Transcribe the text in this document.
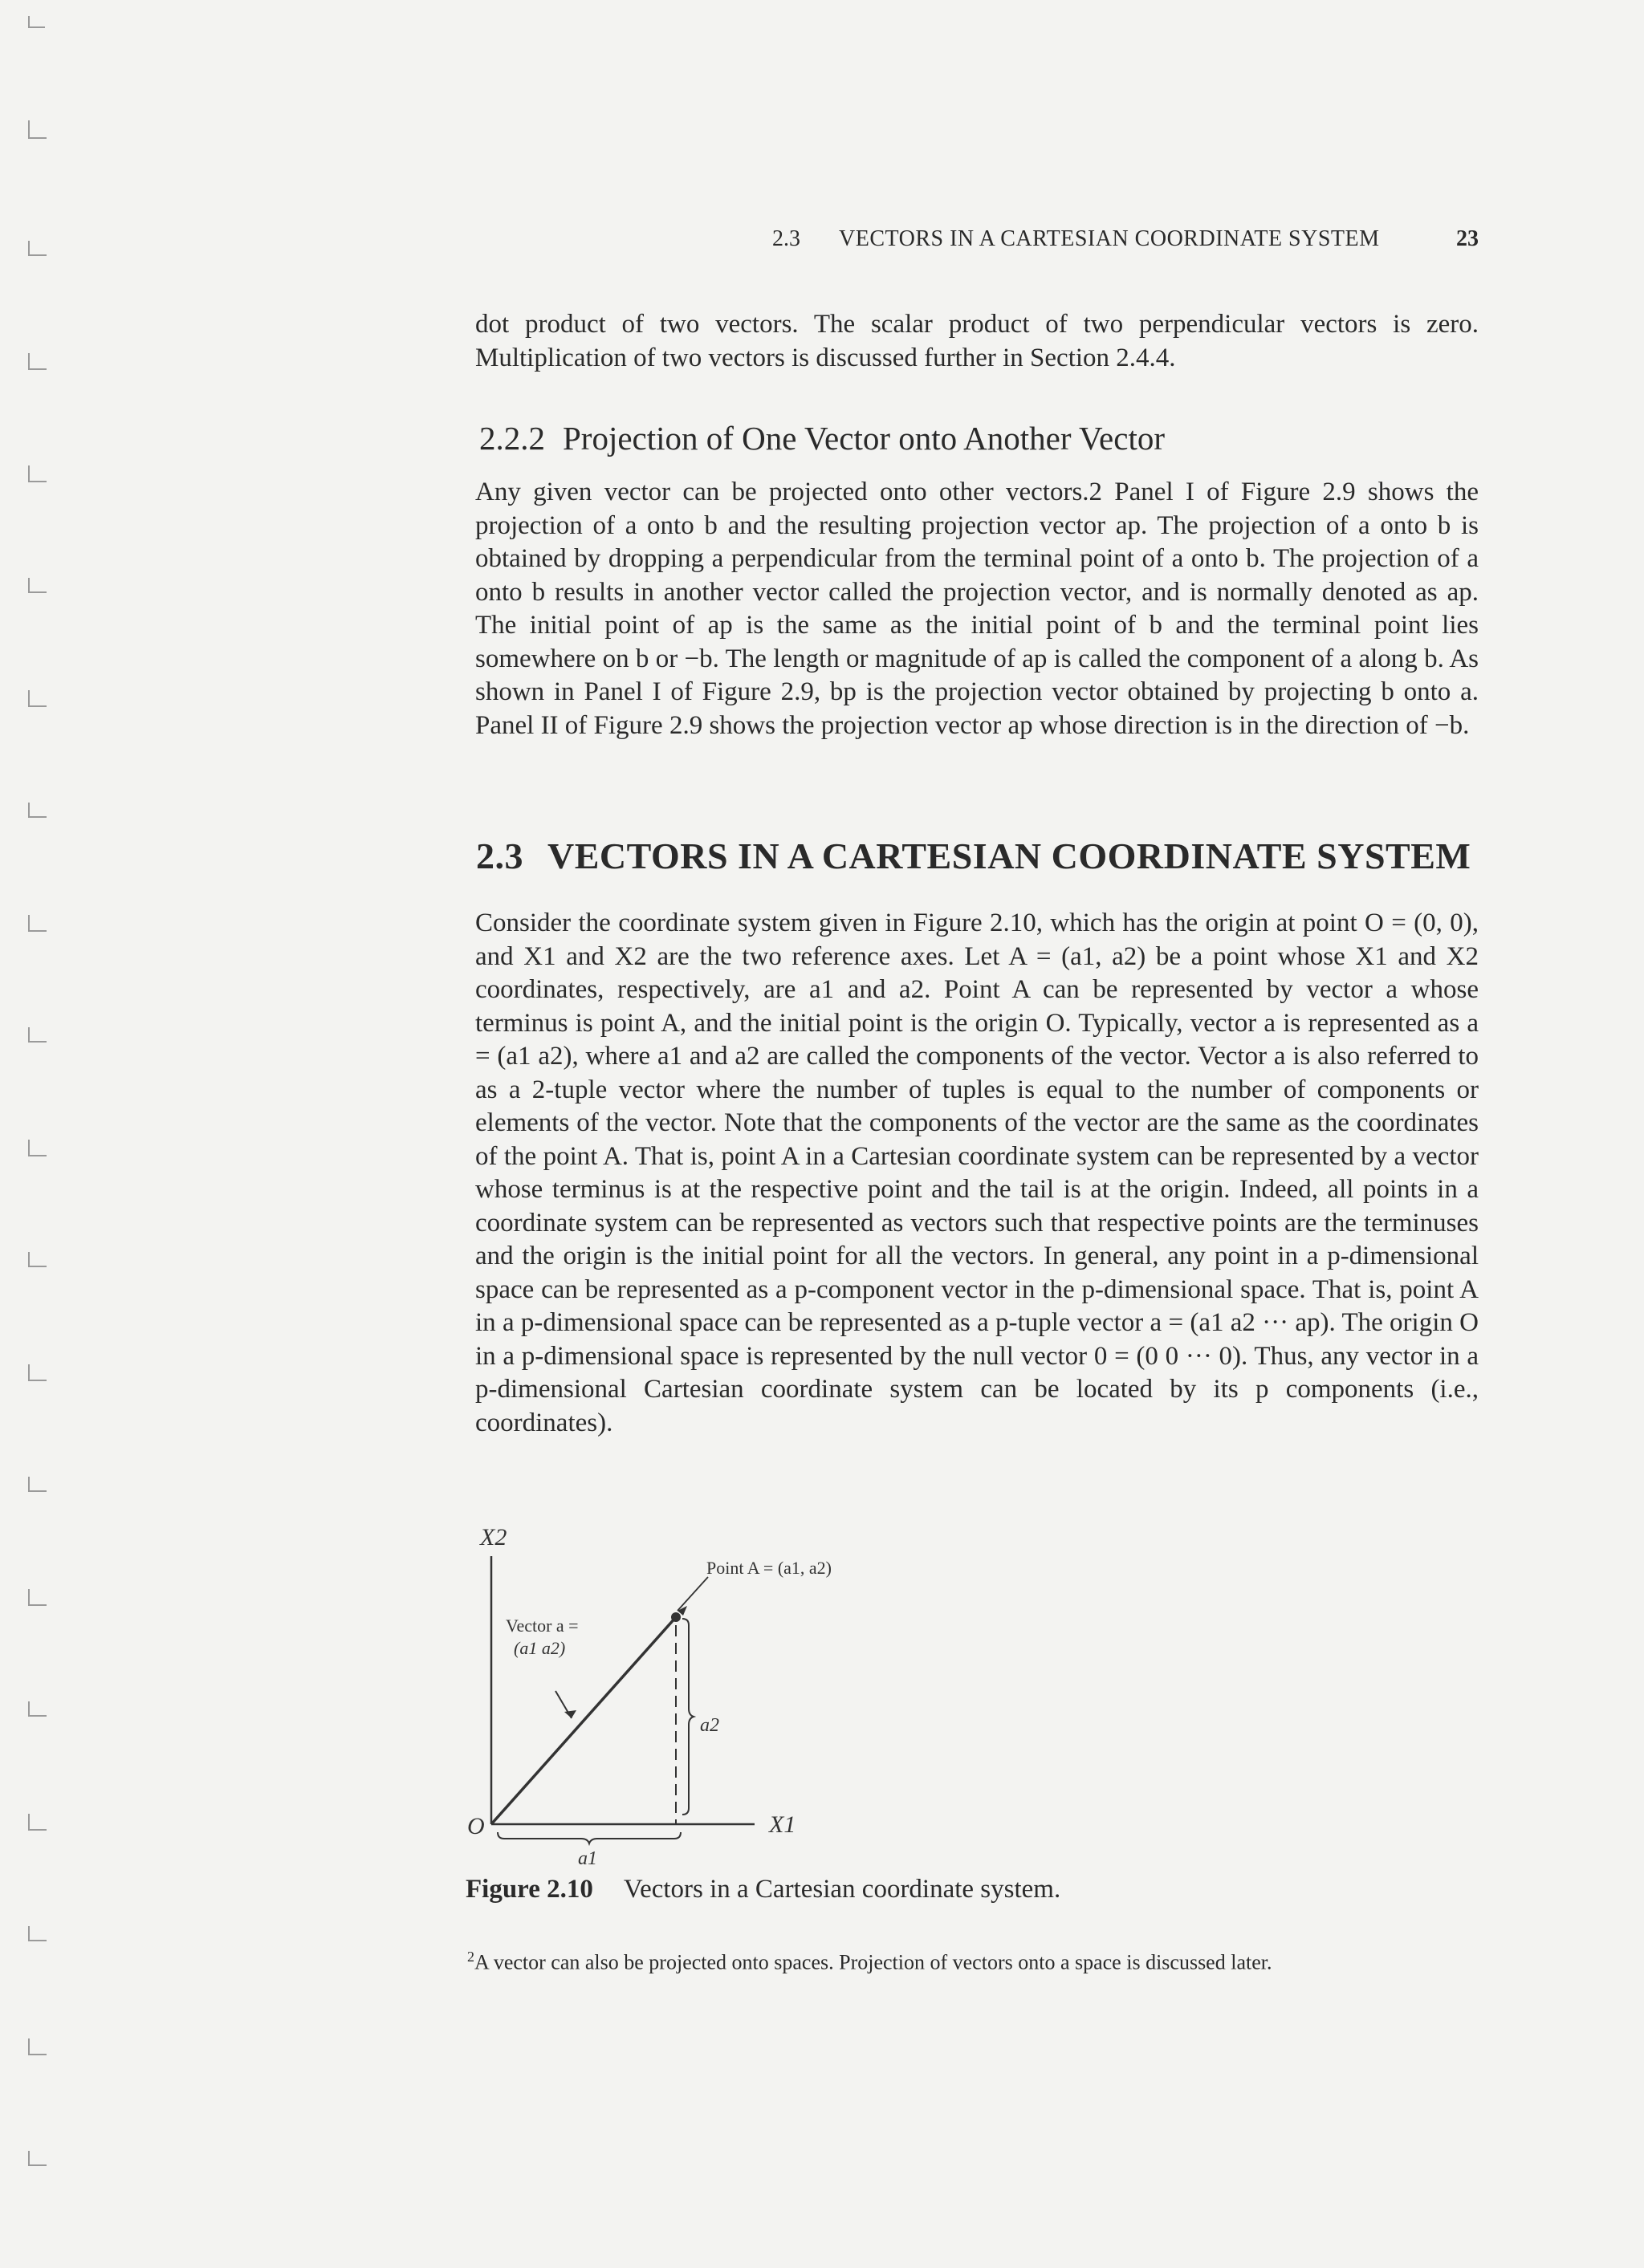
2.3 VECTORS IN A CARTESIAN COORDINATE SYSTEM	23

dot product of two vectors. The scalar product of two perpendicular vectors is zero. Multiplication of two vectors is discussed further in Section 2.4.4.

2.2.2 Projection of One Vector onto Another Vector

Any given vector can be projected onto other vectors.2 Panel I of Figure 2.9 shows the projection of a onto b and the resulting projection vector ap. The projection of a onto b is obtained by dropping a perpendicular from the terminal point of a onto b. The projection of a onto b results in another vector called the projection vector, and is normally denoted as ap. The initial point of ap is the same as the initial point of b and the terminal point lies somewhere on b or −b. The length or magnitude of ap is called the component of a along b. As shown in Panel I of Figure 2.9, bp is the projection vector obtained by projecting b onto a. Panel II of Figure 2.9 shows the projection vector ap whose direction is in the direction of −b.

2.3 VECTORS IN A CARTESIAN COORDINATE SYSTEM

Consider the coordinate system given in Figure 2.10, which has the origin at point O = (0, 0), and X1 and X2 are the two reference axes. Let A = (a1, a2) be a point whose X1 and X2 coordinates, respectively, are a1 and a2. Point A can be represented by vector a whose terminus is point A, and the initial point is the origin O. Typically, vector a is represented as a = (a1 a2), where a1 and a2 are called the components of the vector. Vector a is also referred to as a 2-tuple vector where the number of tuples is equal to the number of components or elements of the vector. Note that the components of the vector are the same as the coordinates of the point A. That is, point A in a Cartesian coordinate system can be represented by a vector whose terminus is at the respective point and the tail is at the origin. Indeed, all points in a coordinate system can be represented as vectors such that respective points are the terminuses and the origin is the initial point for all the vectors. In general, any point in a p-dimensional space can be represented as a p-component vector in the p-dimensional space. That is, point A in a p-dimensional space can be represented as a p-tuple vector a = (a1 a2 ··· ap). The origin O in a p-dimensional space is represented by the null vector 0 = (0 0 ··· 0). Thus, any vector in a p-dimensional Cartesian coordinate system can be located by its p components (i.e., coordinates).

X2
X1
O
Point A = (a1, a2)
Vector a =
(a1 a2)
a2
a1
Figure 2.10 Vectors in a Cartesian coordinate system.
$^2$A vector can also be projected onto spaces. Projection of vectors onto a space is discussed later.
